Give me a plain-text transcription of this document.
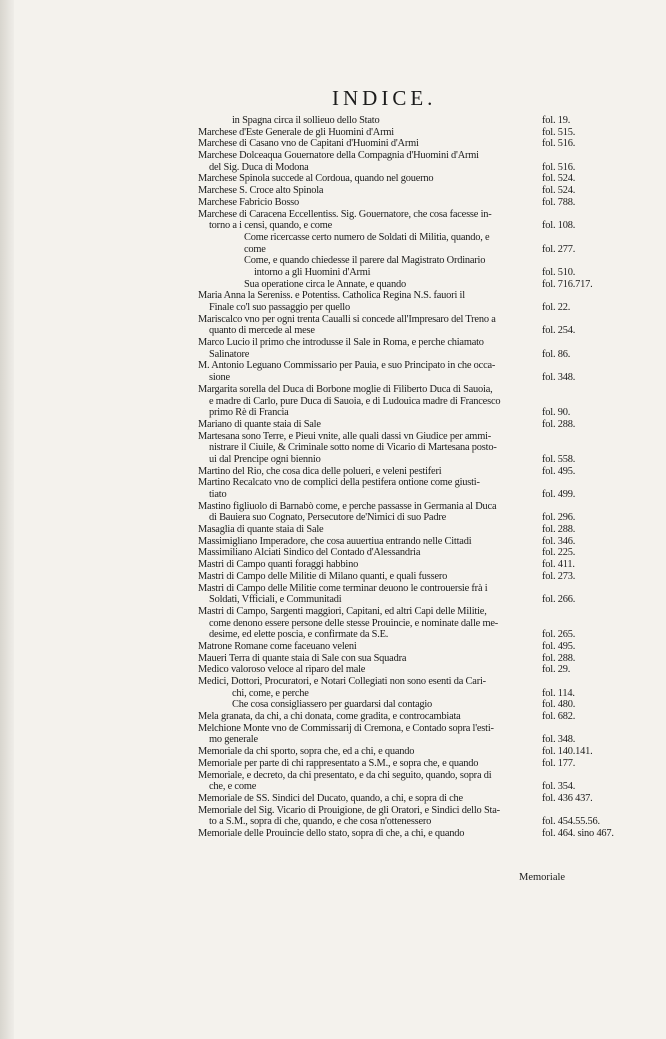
INDICE.
in Spagna circa il sollieuo dello Stato	fol. 19.
Marchese d'Este Generale de gli Huomini d'Armi	fol. 515.
Marchese di Casano vno de Capitani d'Huomini d'Armi	fol. 516.
Marchese Dolceaqua Gouernatore della Compagnia d'Huomini d'Armi
del Sig. Duca di Modona	fol. 516.
Marchese Spinola succede al Cordoua, quando nel gouerno	fol. 524.
Marchese S. Croce alto Spinola	fol. 524.
Marchese Fabricio Bosso	fol. 788.
Marchese di Caracena Eccellentiss. Sig. Gouernatore, che cosa facesse in-
torno a i censi, quando, e come	fol. 108.
Come ricercasse certo numero de Soldati di Militia, quando, e
come	fol. 277.
Come, e quando chiedesse il parere dal Magistrato Ordinario
intorno a gli Huomini d'Armi	fol. 510.
Sua operatione circa le Annate, e quando	fol. 716.717.
Maria Anna la Sereniss. e Potentiss. Catholica Regina N.S. fauori il
Finale co'l suo passaggio per quello	fol. 22.
Mariscalco vno per ogni trenta Caualli si concede all'Impresaro del Treno a
quanto di mercede al mese	fol. 254.
Marco Lucio il primo che introdusse il Sale in Roma, e perche chiamato
Salinatore	fol. 86.
M. Antonio Leguano Commissario per Pauia, e suo Principato in che occa-
sione	fol. 348.
Margarita sorella del Duca di Borbone moglie di Filiberto Duca di Sauoia,
e madre di Carlo, pure Duca di Sauoia, e di Ludouica madre di Francesco
primo Rè di Francia	fol. 90.
Mariano di quante staia di Sale	fol. 288.
Martesana sono Terre, e Pieui vnite, alle quali dassi vn Giudice per ammi-
nistrare il Ciuile, & Criminale sotto nome di Vicario di Martesana posto-
ui dal Prencipe ogni biennio	fol. 558.
Martino del Rio, che cosa dica delle polueri, e veleni pestiferi	fol. 495.
Martino Recalcato vno de complici della pestifera ontione come giusti-
tiato	fol. 499.
Mastino figliuolo di Barnabò come, e perche passasse in Germania al Duca
di Bauiera suo Cognato, Persecutore de'Nimici di suo Padre	fol. 296.
Masaglia di quante staia di Sale	fol. 288.
Massimigliano Imperadore, che cosa auuertiua entrando nelle Cittadi	fol. 346.
Massimiliano Alciati Sindico del Contado d'Alessandria	fol. 225.
Mastri di Campo quanti foraggi habbino	fol. 411.
Mastri di Campo delle Militie di Milano quanti, e quali fussero	fol. 273.
Mastri di Campo delle Militie come terminar deuono le controuersie frà i
Soldati, Vfficiali, e Communitadi	fol. 266.
Mastri di Campo, Sargenti maggiori, Capitani, ed altri Capi delle Militie,
come denono essere persone delle stesse Prouincie, e nominate dalle me-
desime, ed elette poscia, e confirmate da S.E.	fol. 265.
Matrone Romane come faceuano veleni	fol. 495.
Maueri Terra di quante staia di Sale con sua Squadra	fol. 288.
Medico valoroso veloce al riparo del male	fol. 29.
Medici, Dottori, Procuratori, e Notari Collegiati non sono esenti da Cari-
chi, come, e perche	fol. 114.
Che cosa consigliassero per guardarsi dal contagio	fol. 480.
Mela granata, da chi, a chi donata, come gradita, e controcambiata	fol. 682.
Melchione Monte vno de Commissarij di Cremona, e Contado sopra l'esti-
mo generale	fol. 348.
Memoriale da chi sporto, sopra che, ed a chi, e quando	fol. 140.141.
Memoriale per parte di chi rappresentato a S.M., e sopra che, e quando	fol. 177.
Memoriale, e decreto, da chi presentato, e da chi seguito, quando, sopra di
che, e come	fol. 354.
Memoriale de SS. Sindici del Ducato, quando, a chi, e sopra di che	fol. 436 437.
Memoriale del Sig. Vicario di Prouigione, de gli Oratori, e Sindici dello Sta-
to a S.M., sopra di che, quando, e che cosa n'ottenessero	fol. 454.55.56.
Memoriale delle Prouincie dello stato, sopra di che, a chi, e quando	fol. 464. sino 467.
Memoriale
